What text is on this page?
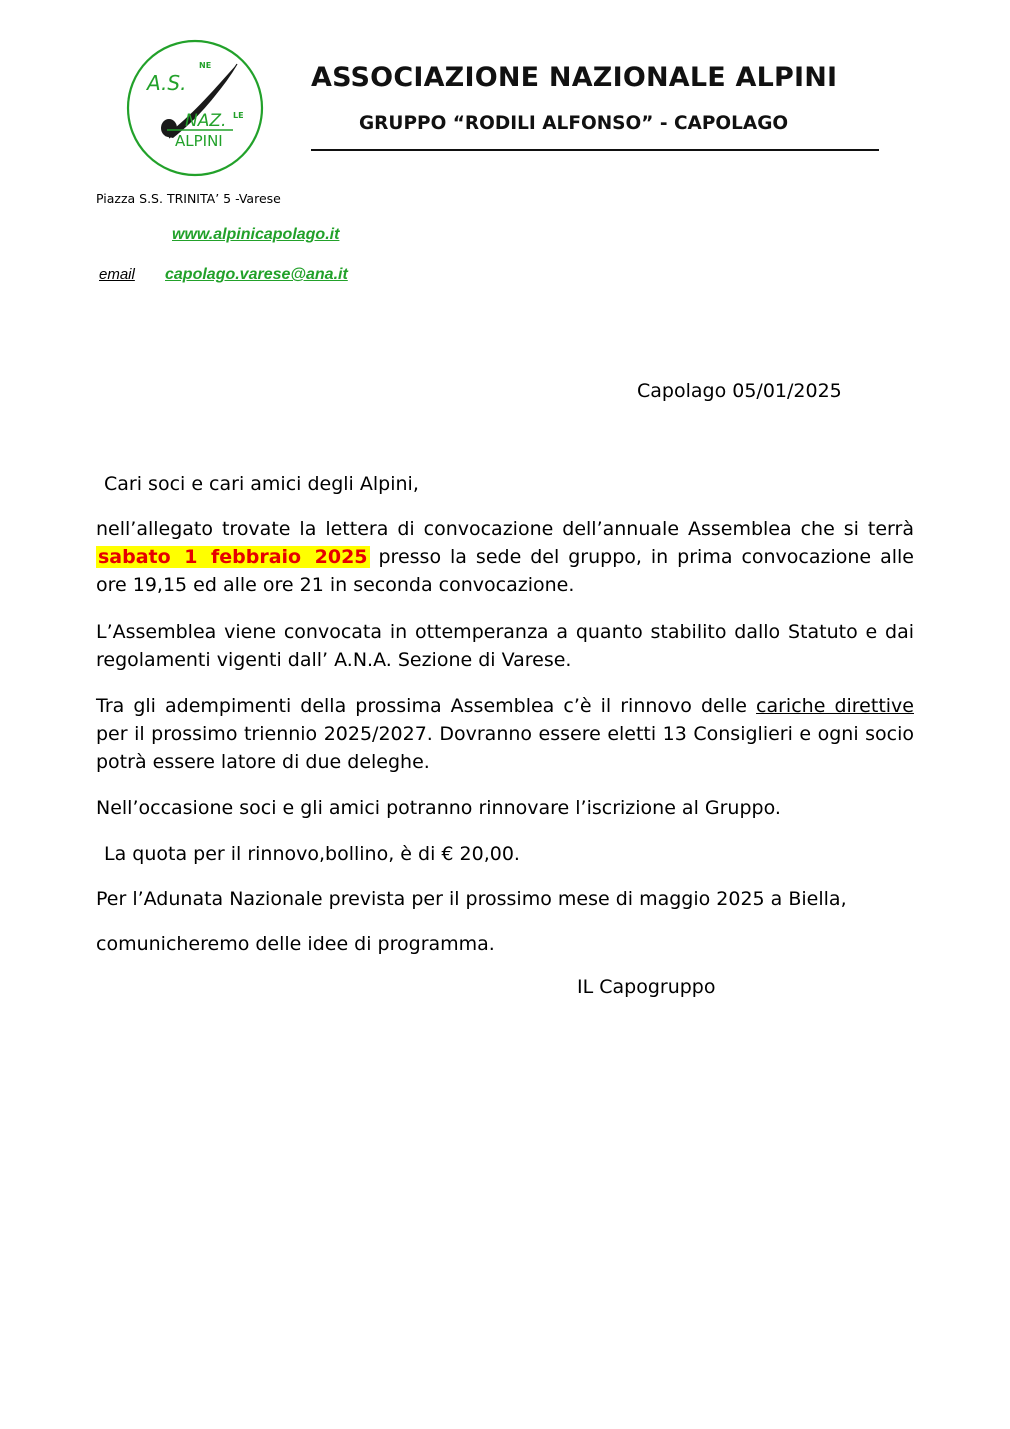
A.S.
NE
NAZ. LE
ALPINI
ASSOCIAZIONE NAZIONALE ALPINI
GRUPPO “RODILI ALFONSO” - CAPOLAGO
Piazza S.S. TRINITA’ 5 -Varese
www.alpinicapolago.it
email capolago.varese@ana.it
Capolago 05/01/2025
Cari soci e cari amici degli Alpini,
nell’allegato trovate la lettera di convocazione dell’annuale Assemblea che si terrà sabato 1 febbraio 2025 presso la sede del gruppo, in prima convocazione alle ore 19,15 ed alle ore 21 in seconda convocazione.
L’Assemblea viene convocata in ottemperanza a quanto stabilito dallo Statuto e dai regolamenti vigenti dall’ A.N.A. Sezione di Varese.
Tra gli adempimenti della prossima Assemblea c’è il rinnovo delle cariche direttive per il prossimo triennio 2025/2027. Dovranno essere eletti 13 Consiglieri e ogni socio potrà essere latore di due deleghe.
Nell’occasione soci e gli amici potranno rinnovare l’iscrizione al Gruppo.
La quota per il rinnovo,bollino, è di € 20,00.
Per l’Adunata Nazionale prevista per il prossimo mese di maggio 2025 a Biella,
comunicheremo delle idee di programma.
IL Capogruppo
